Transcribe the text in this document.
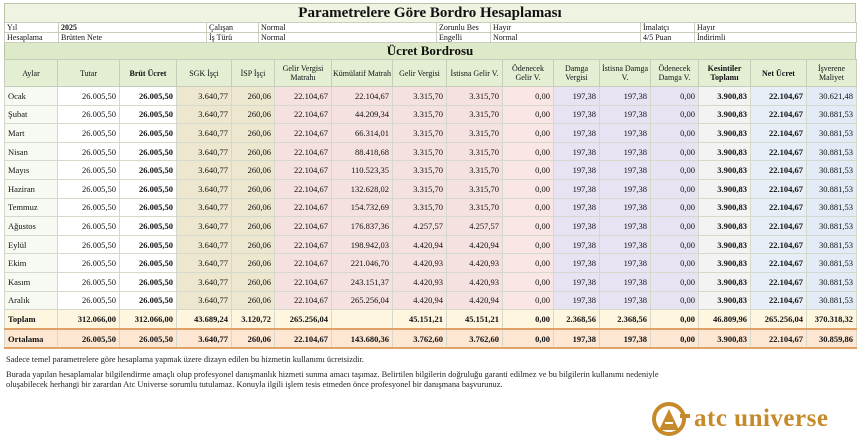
Parametrelere Göre Bordro Hesaplaması
Yıl	2025	Çalışan	Normal	Zorunlu Bes	Hayır	İmalatçı	Hayır
Hesaplama	Brütten Nete	İş Türü	Normal	Engelli	Normal	4/5 Puan	İndirimli
Ücret Bordrosu
Aylar	Tutar	Brüt Ücret	SGK İşçi	İSP İşçi	Gelir Vergisi Matrahı	Kümülatif Matrah	Gelir Vergisi	İstisna Gelir V.	Ödenecek Gelir V.	Damga Vergisi	İstisna Damga V.	Ödenecek Damga V.	Kesintiler Toplamı	Net Ücret	İşverene Maliyet
Ocak	26.005,50	26.005,50	3.640,77	260,06	22.104,67	22.104,67	3.315,70	3.315,70	0,00	197,38	197,38	0,00	3.900,83	22.104,67	30.621,48
Şubat	26.005,50	26.005,50	3.640,77	260,06	22.104,67	44.209,34	3.315,70	3.315,70	0,00	197,38	197,38	0,00	3.900,83	22.104,67	30.881,53
Mart	26.005,50	26.005,50	3.640,77	260,06	22.104,67	66.314,01	3.315,70	3.315,70	0,00	197,38	197,38	0,00	3.900,83	22.104,67	30.881,53
Nisan	26.005,50	26.005,50	3.640,77	260,06	22.104,67	88.418,68	3.315,70	3.315,70	0,00	197,38	197,38	0,00	3.900,83	22.104,67	30.881,53
Mayıs	26.005,50	26.005,50	3.640,77	260,06	22.104,67	110.523,35	3.315,70	3.315,70	0,00	197,38	197,38	0,00	3.900,83	22.104,67	30.881,53
Haziran	26.005,50	26.005,50	3.640,77	260,06	22.104,67	132.628,02	3.315,70	3.315,70	0,00	197,38	197,38	0,00	3.900,83	22.104,67	30.881,53
Temmuz	26.005,50	26.005,50	3.640,77	260,06	22.104,67	154.732,69	3.315,70	3.315,70	0,00	197,38	197,38	0,00	3.900,83	22.104,67	30.881,53
Ağustos	26.005,50	26.005,50	3.640,77	260,06	22.104,67	176.837,36	4.257,57	4.257,57	0,00	197,38	197,38	0,00	3.900,83	22.104,67	30.881,53
Eylül	26.005,50	26.005,50	3.640,77	260,06	22.104,67	198.942,03	4.420,94	4.420,94	0,00	197,38	197,38	0,00	3.900,83	22.104,67	30.881,53
Ekim	26.005,50	26.005,50	3.640,77	260,06	22.104,67	221.046,70	4.420,93	4.420,93	0,00	197,38	197,38	0,00	3.900,83	22.104,67	30.881,53
Kasım	26.005,50	26.005,50	3.640,77	260,06	22.104,67	243.151,37	4.420,93	4.420,93	0,00	197,38	197,38	0,00	3.900,83	22.104,67	30.881,53
Aralık	26.005,50	26.005,50	3.640,77	260,06	22.104,67	265.256,04	4.420,94	4.420,94	0,00	197,38	197,38	0,00	3.900,83	22.104,67	30.881,53
Toplam	312.066,00	312.066,00	43.689,24	3.120,72	265.256,04		45.151,21	45.151,21	0,00	2.368,56	2.368,56	0,00	46.809,96	265.256,04	370.318,32
Ortalama	26.005,50	26.005,50	3.640,77	260,06	22.104,67	143.680,36	3.762,60	3.762,60	0,00	197,38	197,38	0,00	3.900,83	22.104,67	30.859,86
Sadece temel parametrelere göre hesaplama yapmak üzere dizayn edilen bu hizmetin kullanımı ücretsizdir.
Burada yapılan hesaplamalar bilgilendirme amaçlı olup profesyonel danışmanlık hizmeti sunma amacı taşımaz. Belirtilen bilgilerin doğruluğu garanti edilmez ve bu bilgilerin kullanımı nedeniyle
oluşabilecek herhangi bir zarardan Atc Universe sorumlu tutulamaz. Konuyla ilgili işlem tesis etmeden önce profesyonel bir danışmana başvurunuz.
atc universe
